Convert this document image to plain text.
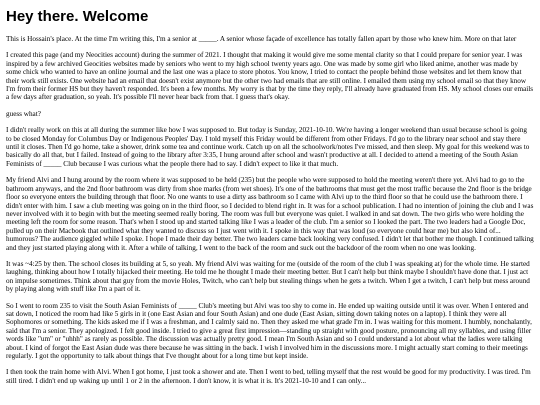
Hey there. Welcome

This is Hossain's place. At the time I'm writing this, I'm a senior at _____. A senior whose façade of excellence has totally fallen apart by those who knew him. More on that later

I created this page (and my Neocities account) during the summer of 2021. I thought that making it would give me some mental clarity so that I could prepare for senior year. I was inspired by a few archived Geocities websites made by seniors who went to my high school twenty years ago. One was made by some girl who liked anime, another was made by some chick who wanted to have an online journal and the last one was a place to store photos. You know, I tried to contact the people behind those websites and let them know that their work still exists. One website had an email that doesn't exist anymore but the other two had emails that are still online. I emailed them using my school email so that they know I'm from their former HS but they haven't responded. It's been a few months. My worry is that by the time they reply, I'll already have graduated from HS. My school closes our emails a few days after graduation, so yeah. It's possible I'll never hear back from that. I guess that's okay.

guess what?

I didn't really work on this at all during the summer like how I was supposed to. But today is Sunday, 2021-10-10. We're having a longer weekend than usual because school is going to be closed Monday for Columbus Day or Indigenous Peoples' Day. I told myself this Friday would be different from other Fridays. I'd go to the library near school and stay there until it closes. Then I'd go home, take a shower, drink some tea and continue work. Catch up on all the schoolwork/notes I've missed, and then sleep. My goal for this weekend was to basically do all that, but I failed. Instead of going to the library after 3:35, I hung around after school and wasn't productive at all. I decided to attend a meeting of the South Asian Feminists of _____ Club because I was curious what the people there had to say. I didn't expect to like it that much.

My friend Alvi and I hung around by the room where it was supposed to be held (235) but the people who were supposed to hold the meeting weren't there yet. Alvi had to go to the bathroom anyways, and the 2nd floor bathroom was dirty from shoe marks (from wet shoes). It's one of the bathrooms that must get the most traffic because the 2nd floor is the bridge floor so everyone enters the building through that floor. No one wants to use a dirty ass bathroom so I came with Alvi up to the third floor so that he could use the bathroom there. I didn't enter with him. I saw a club meeting was going on in the third floor, so I decided to blend right in. It was for a school publication. I had no intention of joining the club and I was never involved with it to begin with but the meeting seemed really boring. The room was full but everyone was quiet. I walked in and sat down. The two girls who were holding the meeting left the room for some reason. That's when I stood up and started talking like I was a leader of the club. I'm a senior so I looked the part. The two leaders had a Google Doc, pulled up on their Macbook that outlined what they wanted to discuss so I just went with it. I spoke in this way that was loud (so everyone could hear me) but also kind of... humorous? The audience giggled while I spoke. I hope I made their day better. The two leaders came back looking very confused. I didn't let that bother me though. I continued talking and they just started playing along with it. After a while of talking, I went to the back of the room and suck out the backdoor of the room when no one was looking.

It was ~4:25 by then. The school closes its building at 5, so yeah. My friend Alvi was waiting for me (outside of the room of the club I was speaking at) for the whole time. He started laughing, thinking about how I totally hijacked their meeting. He told me he thought I made their meeting better. But I can't help but think maybe I shouldn't have done that. I just act on impulse sometimes. Think about that guy from the movie Holes, Twitch, who can't help but stealing things when he gets a twitch. When I get a twitch, I can't help but mess around by playing along with stuff like I'm a part of it.

So I went to room 235 to visit the South Asian Feminists of _____ Club's meeting but Alvi was too shy to come in. He ended up waiting outside until it was over. When I entered and sat down, I noticed the room had like 5 girls in it (one East Asian and four South Asian) and one dude (East Asian, sitting down taking notes on a laptop). I think they were all Sophomores or something. The kids asked me if I was a freshman, and I calmly said no. Then they asked me what grade I'm in. I was waiting for this moment. I humbly, nonchalantly, said that I'm a senior. They apologized. I felt good inside. I tried to give a great first impression—standing up straight with good posture, pronouncing all my syllables, and using filler words like "um" or "uhhh" as rarely as possible. The discussion was actually pretty good. I mean I'm South Asian and so I could understand a lot about what the ladies were talking about. I kind of forgot the East Asian dude was there because he was sitting in the back. I wish I involved him in the discussions more. I might actually start coming to their meetings regularly. I got the opportunity to talk about things that I've thought about for a long time but kept inside.

I then took the train home with Alvi. When I got home, I just took a shower and ate. Then I went to bed, telling myself that the rest would be good for my productivity. I was tired. I'm still tired. I didn't end up waking up until 1 or 2 in the afternoon. I don't know, it is what it is. It's 2021-10-10 and I can only...
